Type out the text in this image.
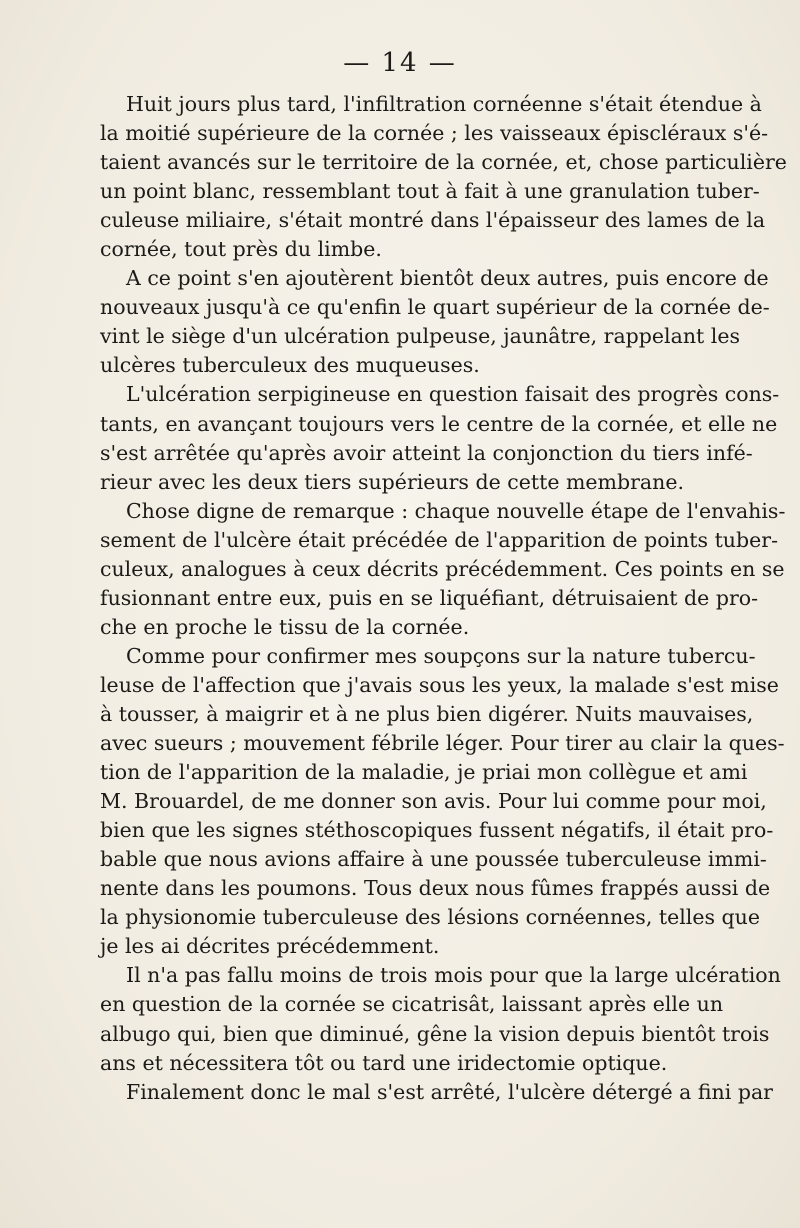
— 14 —
Huit jours plus tard, l'infiltration cornéenne s'était étendue à
la moitié supérieure de la cornée ; les vaisseaux épiscléraux s'é-
taient avancés sur le territoire de la cornée, et, chose particulière
un point blanc, ressemblant tout à fait à une granulation tuber-
culeuse miliaire, s'était montré dans l'épaisseur des lames de la
cornée, tout près du limbe.
A ce point s'en ajoutèrent bientôt deux autres, puis encore de
nouveaux jusqu'à ce qu'enfin le quart supérieur de la cornée de-
vint le siège d'un ulcération pulpeuse, jaunâtre, rappelant les
ulcères tuberculeux des muqueuses.
L'ulcération serpigineuse en question faisait des progrès cons-
tants, en avançant toujours vers le centre de la cornée, et elle ne
s'est arrêtée qu'après avoir atteint la conjonction du tiers infé-
rieur avec les deux tiers supérieurs de cette membrane.
Chose digne de remarque : chaque nouvelle étape de l'envahis-
sement de l'ulcère était précédée de l'apparition de points tuber-
culeux, analogues à ceux décrits précédemment. Ces points en se
fusionnant entre eux, puis en se liquéfiant, détruisaient de pro-
che en proche le tissu de la cornée.
Comme pour confirmer mes soupçons sur la nature tubercu-
leuse de l'affection que j'avais sous les yeux, la malade s'est mise
à tousser, à maigrir et à ne plus bien digérer. Nuits mauvaises,
avec sueurs ; mouvement fébrile léger. Pour tirer au clair la ques-
tion de l'apparition de la maladie, je priai mon collègue et ami
M. Brouardel, de me donner son avis. Pour lui comme pour moi,
bien que les signes stéthoscopiques fussent négatifs, il était pro-
bable que nous avions affaire à une poussée tuberculeuse immi-
nente dans les poumons. Tous deux nous fûmes frappés aussi de
la physionomie tuberculeuse des lésions cornéennes, telles que
je les ai décrites précédemment.
Il n'a pas fallu moins de trois mois pour que la large ulcération
en question de la cornée se cicatrisât, laissant après elle un
albugo qui, bien que diminué, gêne la vision depuis bientôt trois
ans et nécessitera tôt ou tard une iridectomie optique.
Finalement donc le mal s'est arrêté, l'ulcère détergé a fini par
